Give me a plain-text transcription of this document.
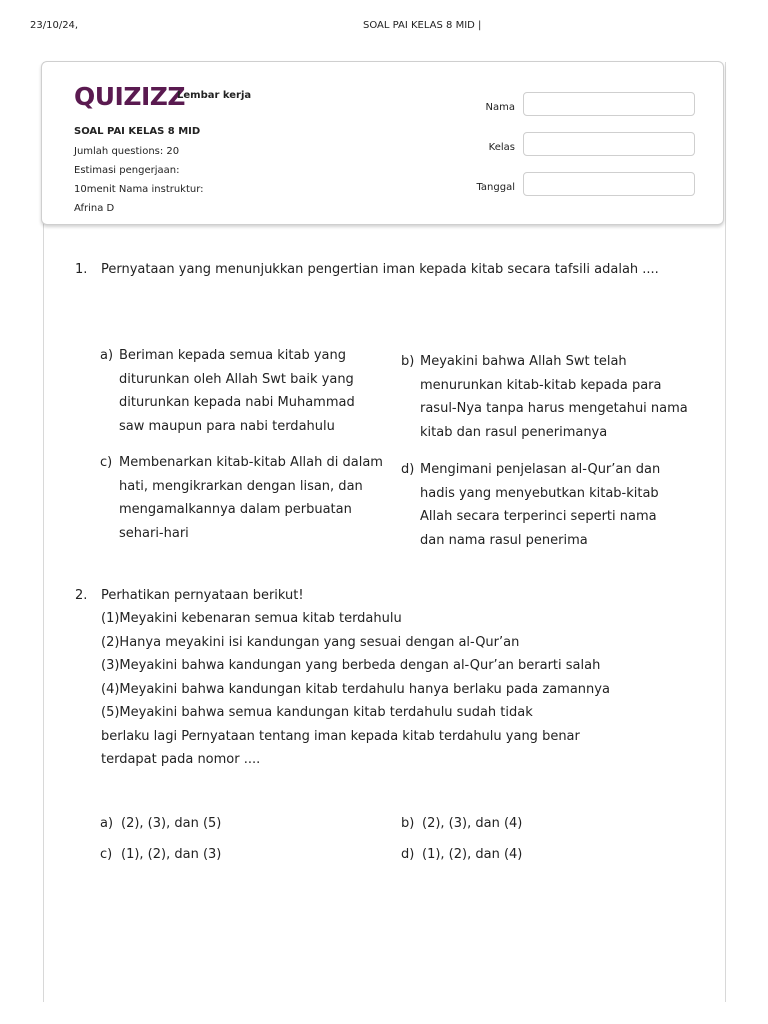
23/10/24,	SOAL PAI KELAS 8 MID |
QUIZIZZ
Lembar kerja
SOAL PAI KELAS 8 MID
Jumlah questions: 20
Estimasi pengerjaan:
10menit Nama instruktur:
Afrina D
Nama
Kelas
Tanggal
1. Pernyataan yang menunjukkan pengertian iman kepada kitab secara tafsili adalah ....
a) Beriman kepada semua kitab yang
diturunkan oleh Allah Swt baik yang
diturunkan kepada nabi Muhammad
saw maupun para nabi terdahulu
b) Meyakini bahwa Allah Swt telah
menurunkan kitab-kitab kepada para
rasul-Nya tanpa harus mengetahui nama
kitab dan rasul penerimanya
c) Membenarkan kitab-kitab Allah di dalam
hati, mengikrarkan dengan lisan, dan
mengamalkannya dalam perbuatan
sehari-hari
d) Mengimani penjelasan al-Qur’an dan
hadis yang menyebutkan kitab-kitab
Allah secara terperinci seperti nama
dan nama rasul penerima
2. Perhatikan pernyataan berikut!
(1)Meyakini kebenaran semua kitab terdahulu
(2)Hanya meyakini isi kandungan yang sesuai dengan al-Qur’an
(3)Meyakini bahwa kandungan yang berbeda dengan al-Qur’an berarti salah
(4)Meyakini bahwa kandungan kitab terdahulu hanya berlaku pada zamannya
(5)Meyakini bahwa semua kandungan kitab terdahulu sudah tidak
berlaku lagi Pernyataan tentang iman kepada kitab terdahulu yang benar
terdapat pada nomor ....
a) (2), (3), dan (5)	b) (2), (3), dan (4)
c) (1), (2), dan (3)	d) (1), (2), dan (4)
